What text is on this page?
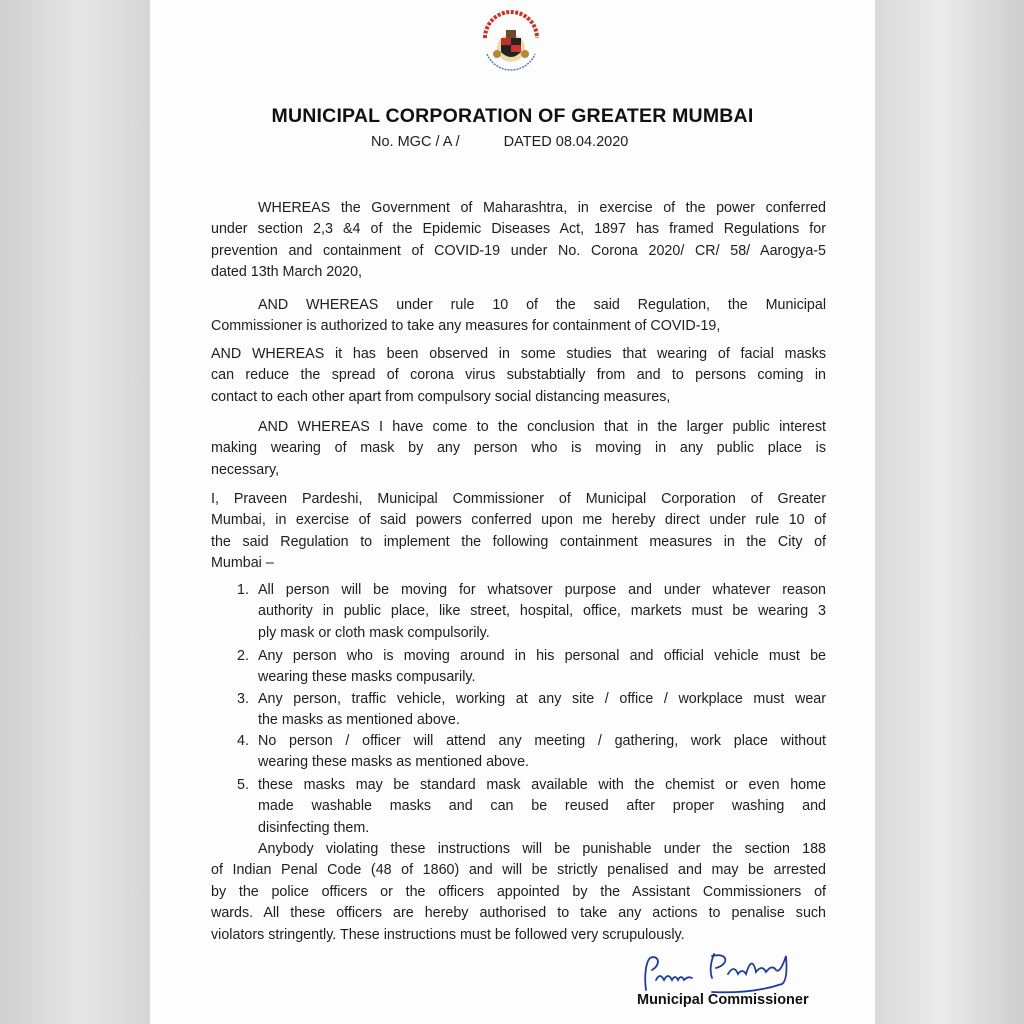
MUNICIPAL CORPORATION OF GREATER MUMBAI
No. MGC / A /	DATED 08.04.2020
WHEREAS the Government of Maharashtra, in exercise of the power conferred
under section 2,3 &4 of the Epidemic Diseases Act, 1897 has framed Regulations for
prevention and containment of COVID-19 under No. Corona 2020/ CR/ 58/ Aarogya-5
dated 13th March 2020,
AND WHEREAS under rule 10 of the said Regulation, the Municipal
Commissioner is authorized to take any measures for containment of COVID-19,
AND WHEREAS it has been observed in some studies that wearing of facial masks
can reduce the spread of corona virus substabtially from and to persons coming in
contact to each other apart from compulsory social distancing measures,
AND WHEREAS I have come to the conclusion that in the larger public interest
making wearing of mask by any person who is moving in any public place is
necessary,
I, Praveen Pardeshi, Municipal Commissioner of Municipal Corporation of Greater
Mumbai, in exercise of said powers conferred upon me hereby direct under rule 10 of
the said Regulation to implement the following containment measures in the City of
Mumbai –
1. All person will be moving for whatsover purpose and under whatever reason
authority in public place, like street, hospital, office, markets must be wearing 3
ply mask or cloth mask compulsorily.
2. Any person who is moving around in his personal and official vehicle must be
wearing these masks compusarily.
3. Any person, traffic vehicle, working at any site / office / workplace must wear
the masks as mentioned above.
4. No person / officer will attend any meeting / gathering, work place without
wearing these masks as mentioned above.
5. these masks may be standard mask available with the chemist or even home
made washable masks and can be reused after proper washing and
disinfecting them.
Anybody violating these instructions will be punishable under the section 188
of Indian Penal Code (48 of 1860) and will be strictly penalised and may be arrested
by the police officers or the officers appointed by the Assistant Commissioners of
wards. All these officers are hereby authorised to take any actions to penalise such
violators stringently. These instructions must be followed very scrupulously.
Municipal Commissioner
